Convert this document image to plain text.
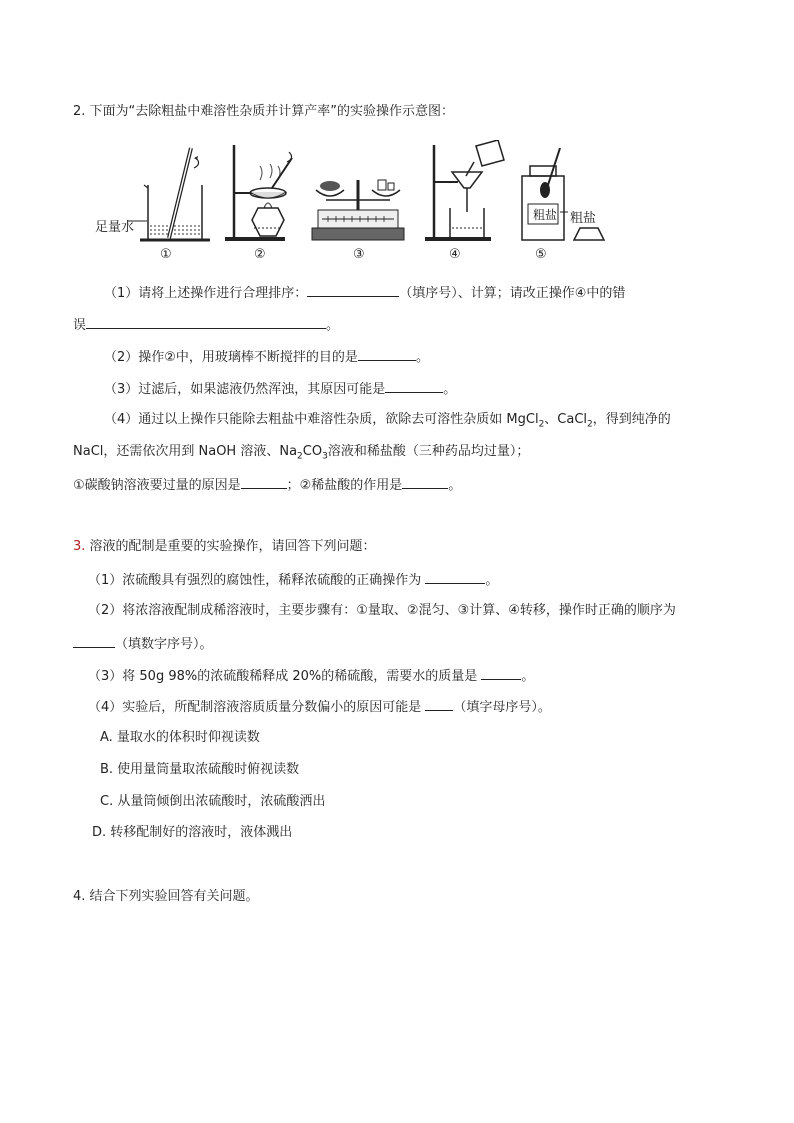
2. 下面为“去除粗盐中难溶性杂质并计算产率”的实验操作示意图：
足量水
粗盐 粗盐
①	②	③	④	⑤
（1）请将上述操作进行合理排序：	（填序号）、计算；请改正操作④中的错
误	。
（2）操作②中，用玻璃棒不断搅拌的目的是	。
（3）过滤后，如果滤液仍然浑浊，其原因可能是	。
（4）通过以上操作只能除去粗盐中难溶性杂质，欲除去可溶性杂质如 MgCl$_2$、CaCl$_2$，得到纯净的
NaCl，还需依次用到 NaOH 溶液、$Na_2CO_3$溶液和稀盐酸（三种药品均过量）；
①碳酸钠溶液要过量的原因是	；②稀盐酸的作用是	。
3. 溶液的配制是重要的实验操作，请回答下列问题：
（1）浓硫酸具有强烈的腐蚀性，稀释浓硫酸的正确操作为	。
（2）将浓溶液配制成稀溶液时，主要步骤有：①量取、②混匀、③计算、④转移，操作时正确的顺序为
（填数字序号）。
（3）将 50g 98%的浓硫酸稀释成 20%的稀硫酸，需要水的质量是	。
（4）实验后，所配制溶液溶质质量分数偏小的原因可能是 （填字母序号）。
A. 量取水的体积时仰视读数
B. 使用量筒量取浓硫酸时俯视读数
C. 从量筒倾倒出浓硫酸时，浓硫酸洒出
D. 转移配制好的溶液时，液体溅出
4. 结合下列实验回答有关问题。
